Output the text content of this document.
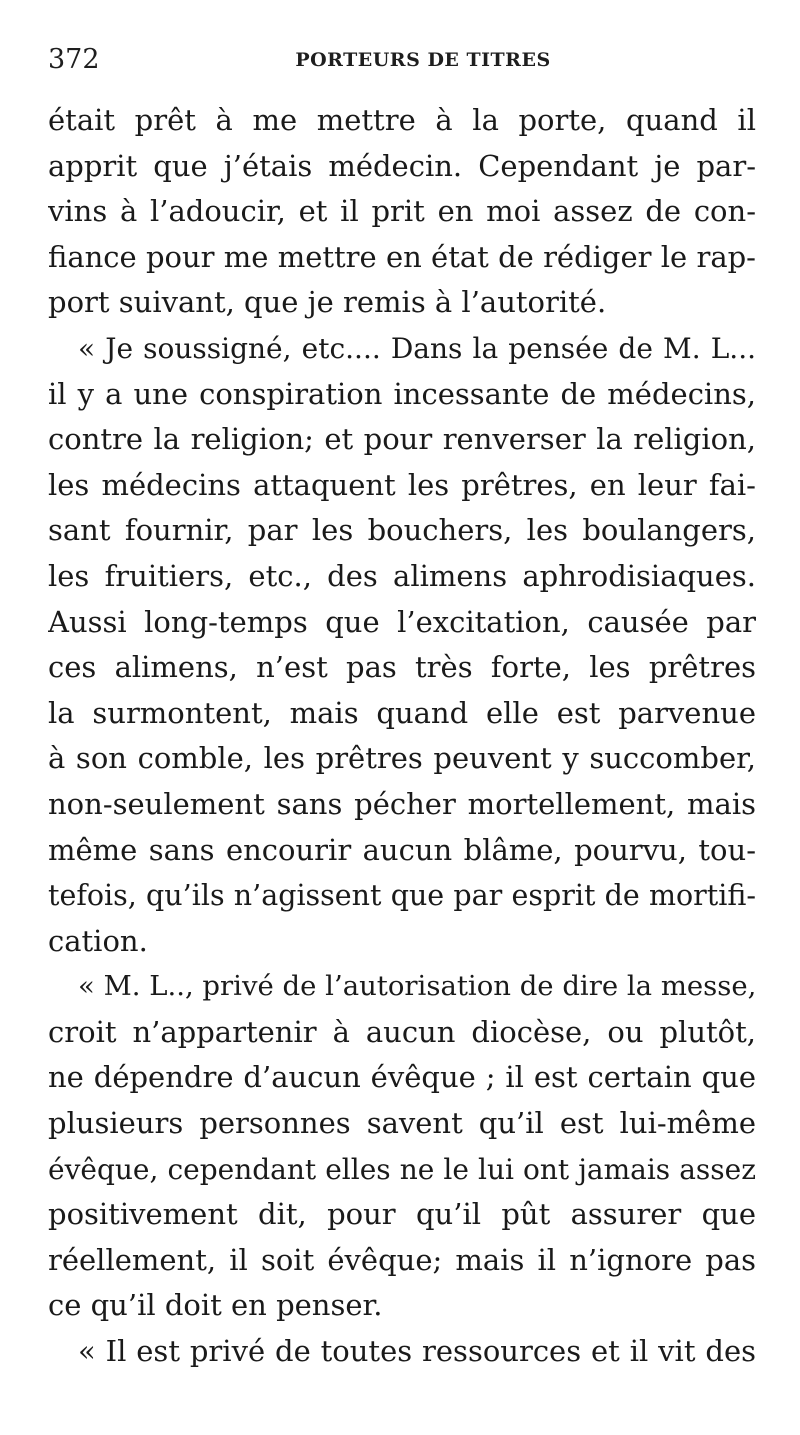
372	PORTEURS DE TITRES
était prêt à me mettre à la porte, quand il
apprit que j’étais médecin. Cependant je par-
vins à l’adoucir, et il prit en moi assez de con-
fiance pour me mettre en état de rédiger le rap-
port suivant, que je remis à l’autorité.
« Je soussigné, etc.... Dans la pensée de M. L...
il y a une conspiration incessante de médecins,
contre la religion; et pour renverser la religion,
les médecins attaquent les prêtres, en leur fai-
sant fournir, par les bouchers, les boulangers,
les fruitiers, etc., des alimens aphrodisiaques.
Aussi long-temps que l’excitation, causée par
ces alimens, n’est pas très forte, les prêtres
la surmontent, mais quand elle est parvenue
à son comble, les prêtres peuvent y succomber,
non-seulement sans pécher mortellement, mais
même sans encourir aucun blâme, pourvu, tou-
tefois, qu’ils n’agissent que par esprit de mortifi-
cation.
« M. L.., privé de l’autorisation de dire la messe,
croit n’appartenir à aucun diocèse, ou plutôt,
ne dépendre d’aucun évêque ; il est certain que
plusieurs personnes savent qu’il est lui-même
évêque, cependant elles ne le lui ont jamais assez
positivement dit, pour qu’il pût assurer que
réellement, il soit évêque; mais il n’ignore pas
ce qu’il doit en penser.
« Il est privé de toutes ressources et il vit des
